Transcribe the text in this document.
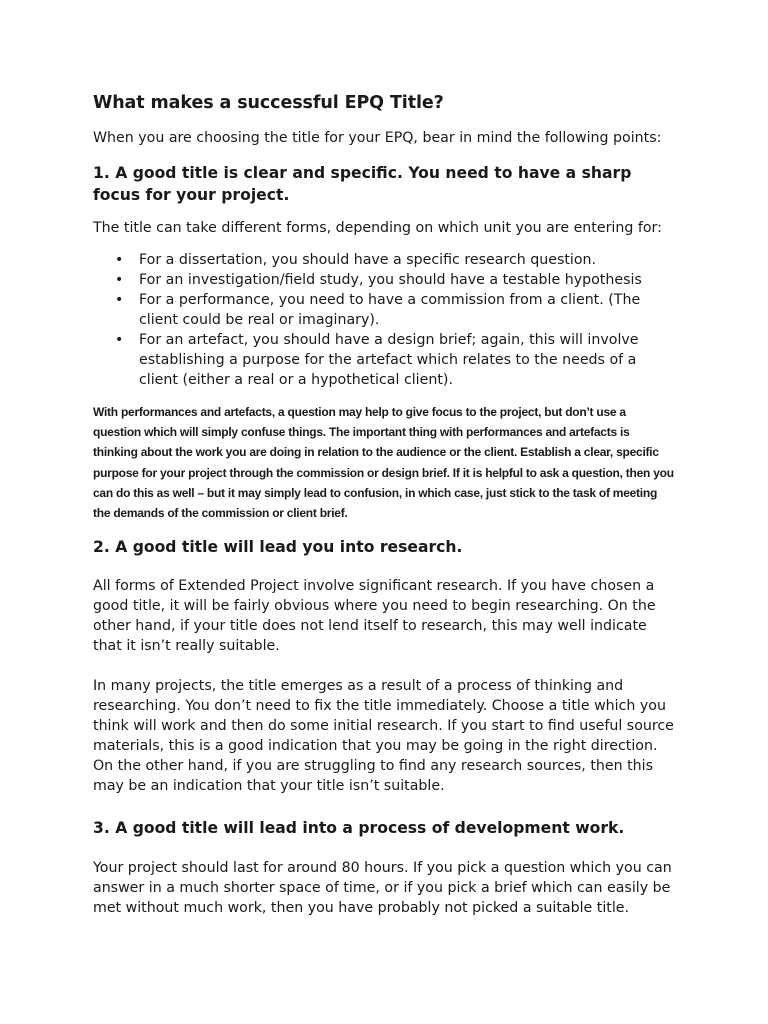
What makes a successful EPQ Title?

When you are choosing the title for your EPQ, bear in mind the following points:

1. A good title is clear and specific. You need to have a sharp focus for your project.

The title can take different forms, depending on which unit you are entering for:

• For a dissertation, you should have a specific research question.
• For an investigation/field study, you should have a testable hypothesis
• For a performance, you need to have a commission from a client. (The client could be real or imaginary).
• For an artefact, you should have a design brief; again, this will involve establishing a purpose for the artefact which relates to the needs of a client (either a real or a hypothetical client).

With performances and artefacts, a question may help to give focus to the project, but don’t use a question which will simply confuse things. The important thing with performances and artefacts is thinking about the work you are doing in relation to the audience or the client. Establish a clear, specific purpose for your project through the commission or design brief. If it is helpful to ask a question, then you can do this as well – but it may simply lead to confusion, in which case, just stick to the task of meeting the demands of the commission or client brief.

2. A good title will lead you into research.

All forms of Extended Project involve significant research. If you have chosen a good title, it will be fairly obvious where you need to begin researching. On the other hand, if your title does not lend itself to research, this may well indicate that it isn’t really suitable.

In many projects, the title emerges as a result of a process of thinking and researching. You don’t need to fix the title immediately. Choose a title which you think will work and then do some initial research. If you start to find useful source materials, this is a good indication that you may be going in the right direction. On the other hand, if you are struggling to find any research sources, then this may be an indication that your title isn’t suitable.

3. A good title will lead into a process of development work.

Your project should last for around 80 hours. If you pick a question which you can answer in a much shorter space of time, or if you pick a brief which can easily be met without much work, then you have probably not picked a suitable title.
